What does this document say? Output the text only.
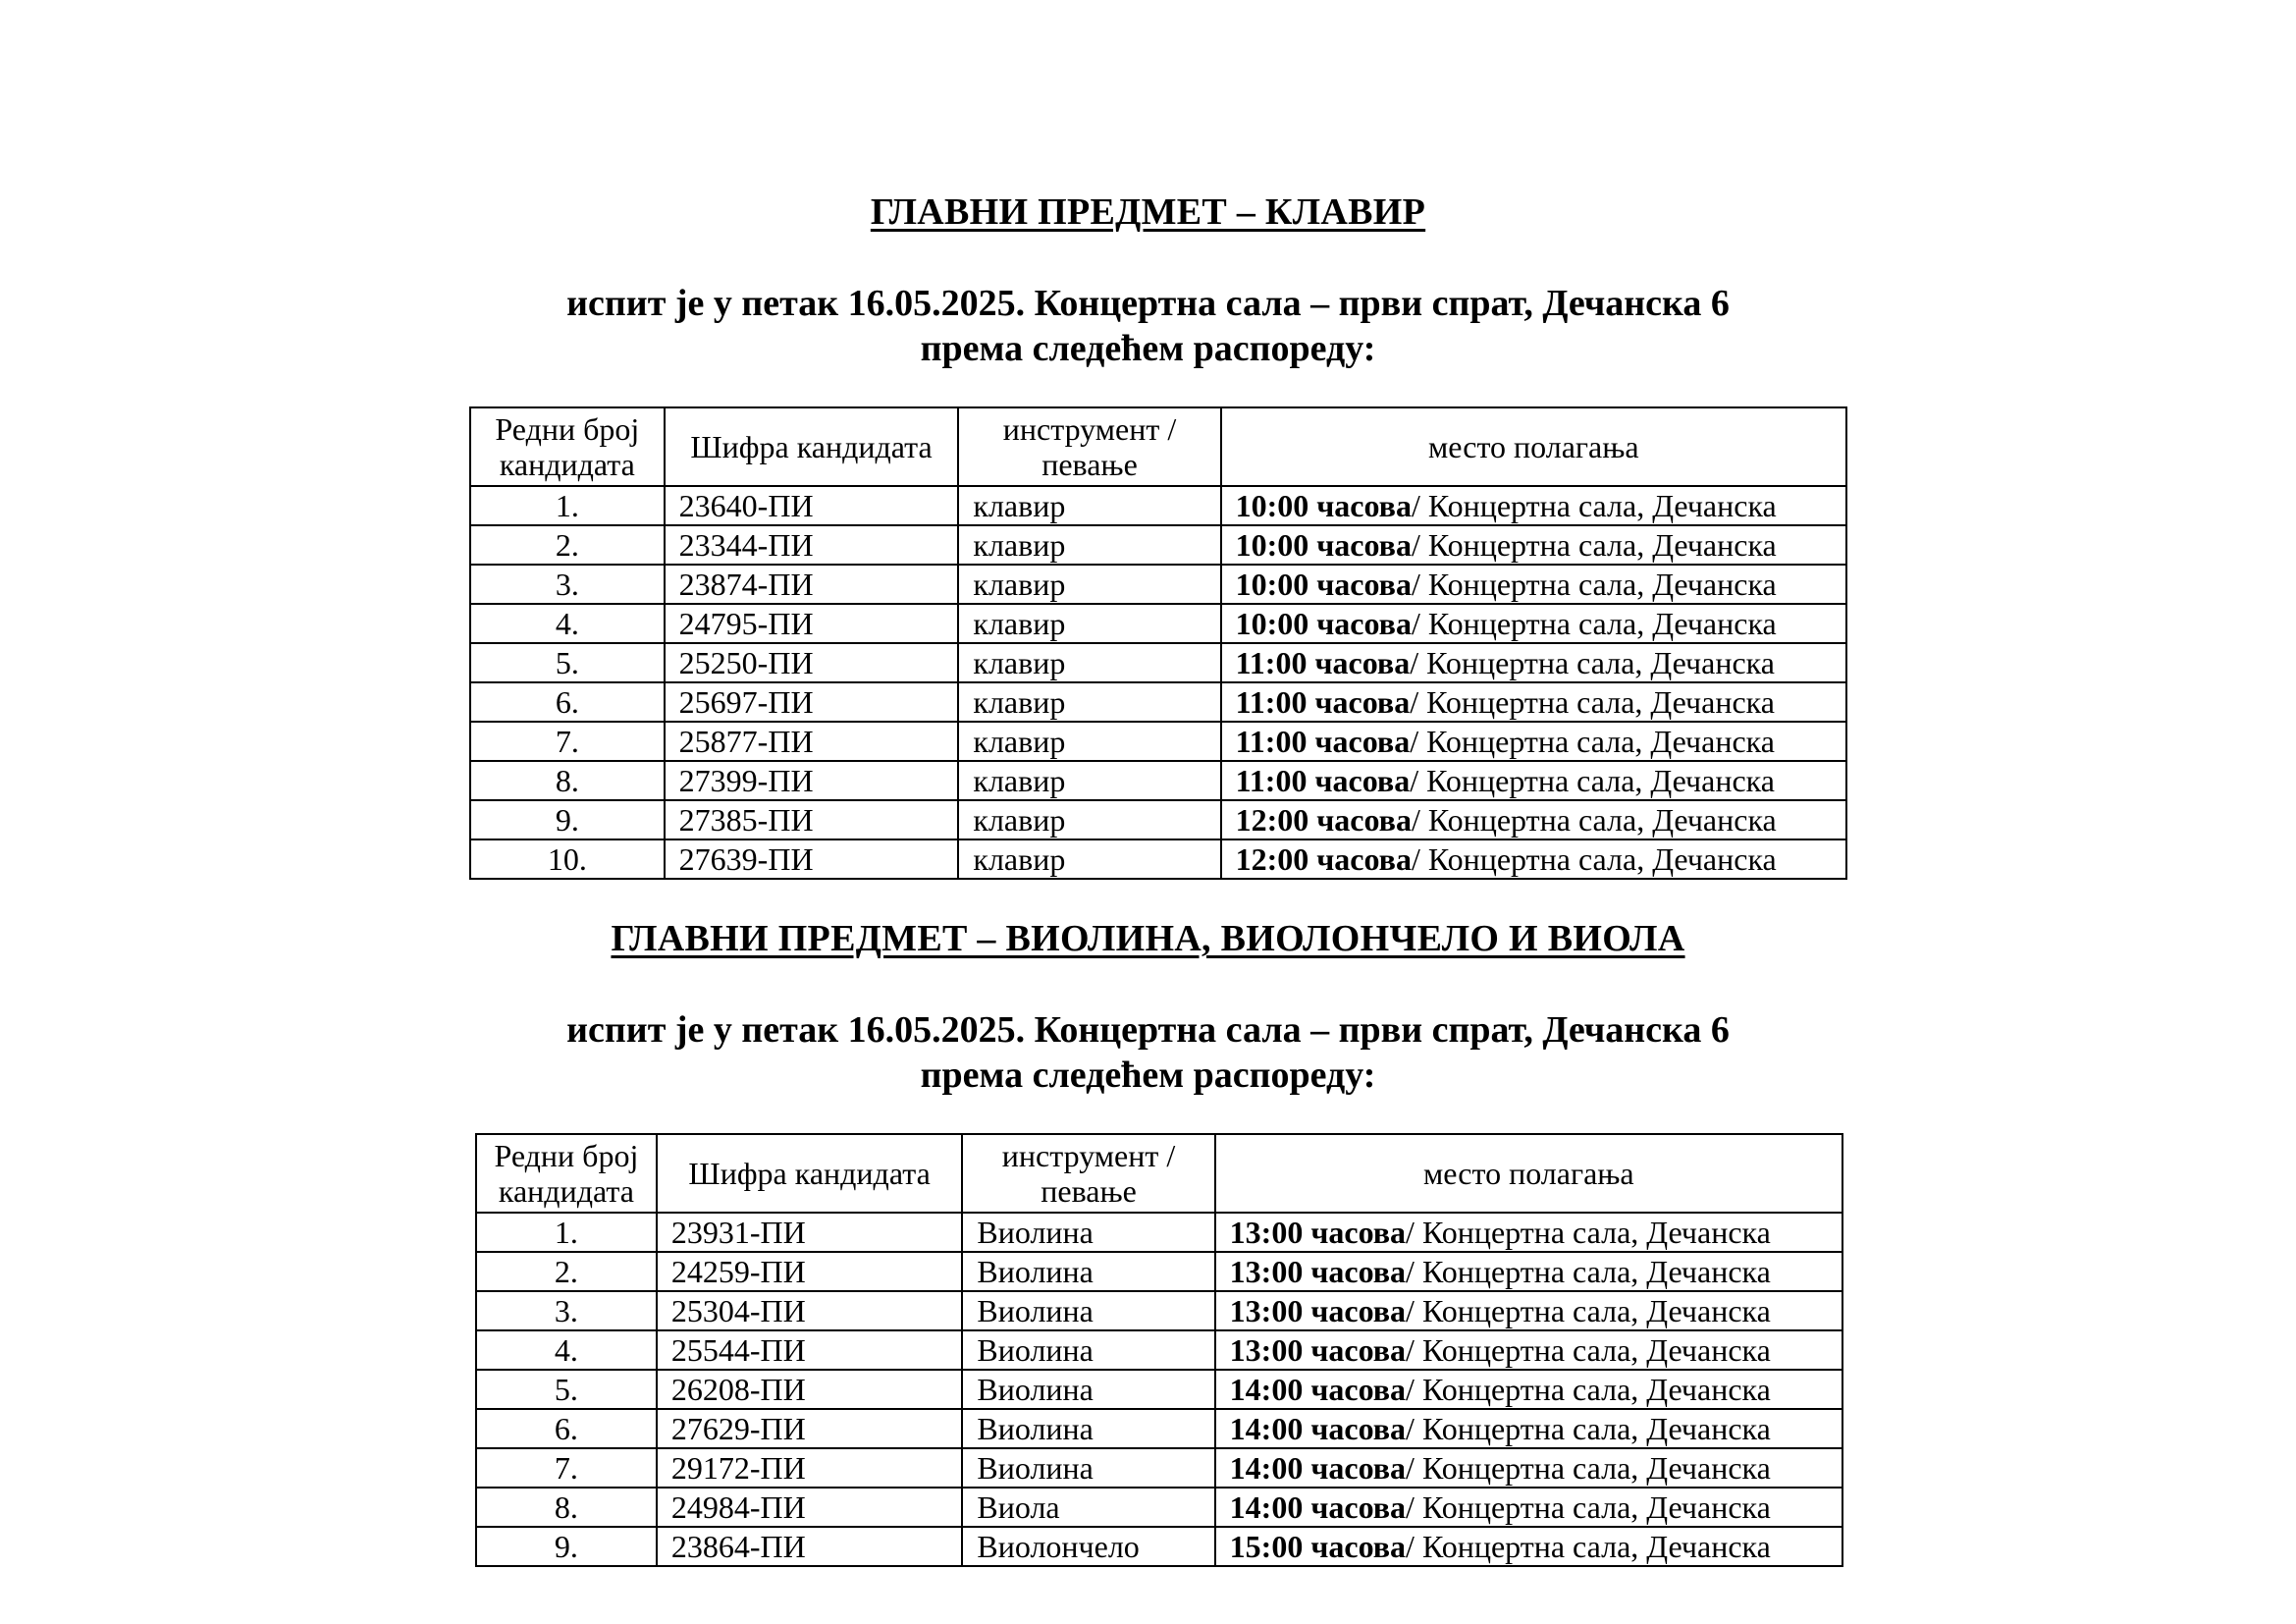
ГЛАВНИ ПРЕДМЕТ – КЛАВИР
испит је у петак 16.05.2025. Концертна сала – први спрат, Дечанска 6
према следећем распореду:
Редни број кандидата	Шифра кандидата	инструмент /певање	место полагања
1.	23640-ПИ	клавир	10:00 часова/ Концертна сала, Дечанска
2.	23344-ПИ	клавир	10:00 часова/ Концертна сала, Дечанска
3.	23874-ПИ	клавир	10:00 часова/ Концертна сала, Дечанска
4.	24795-ПИ	клавир	10:00 часова/ Концертна сала, Дечанска
5.	25250-ПИ	клавир	11:00 часова/ Концертна сала, Дечанска
6.	25697-ПИ	клавир	11:00 часова/ Концертна сала, Дечанска
7.	25877-ПИ	клавир	11:00 часова/ Концертна сала, Дечанска
8.	27399-ПИ	клавир	11:00 часова/ Концертна сала, Дечанска
9.	27385-ПИ	клавир	12:00 часова/ Концертна сала, Дечанска
10.	27639-ПИ	клавир	12:00 часова/ Концертна сала, Дечанска
ГЛАВНИ ПРЕДМЕТ – ВИОЛИНА, ВИОЛОНЧЕЛО И ВИОЛА
испит је у петак 16.05.2025. Концертна сала – први спрат, Дечанска 6
према следећем распореду:
Редни број кандидата	Шифра кандидата	инструмент /певање	место полагања
1.	23931-ПИ	Виолина	13:00 часова/ Концертна сала, Дечанска
2.	24259-ПИ	Виолина	13:00 часова/ Концертна сала, Дечанска
3.	25304-ПИ	Виолина	13:00 часова/ Концертна сала, Дечанска
4.	25544-ПИ	Виолина	13:00 часова/ Концертна сала, Дечанска
5.	26208-ПИ	Виолина	14:00 часова/ Концертна сала, Дечанска
6.	27629-ПИ	Виолина	14:00 часова/ Концертна сала, Дечанска
7.	29172-ПИ	Виолина	14:00 часова/ Концертна сала, Дечанска
8.	24984-ПИ	Виола	14:00 часова/ Концертна сала, Дечанска
9.	23864-ПИ	Виолончело	15:00 часова/ Концертна сала, Дечанска
